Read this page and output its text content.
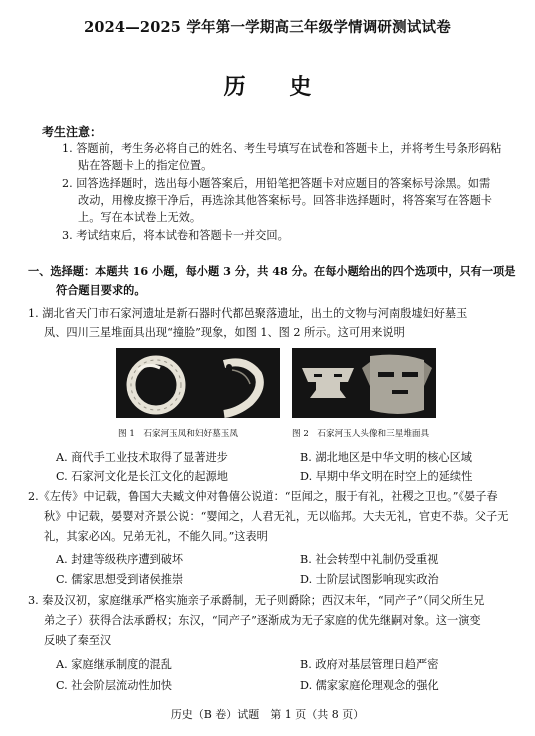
2024—2025 学年第一学期高三年级学情调研测试试卷
历 史
考生注意：
1. 答题前，考生务必将自己的姓名、考生号填写在试卷和答题卡上，并将考生号条形码粘
贴在答题卡上的指定位置。
2. 回答选择题时，选出每小题答案后，用铅笔把答题卡对应题目的答案标号涂黑。如需
改动，用橡皮擦干净后，再选涂其他答案标号。回答非选择题时，将答案写在答题卡
上。写在本试卷上无效。
3. 考试结束后，将本试卷和答题卡一并交回。
一、选择题：本题共 16 小题，每小题 3 分，共 48 分。在每小题给出的四个选项中，只有一项是
符合题目要求的。
1. 湖北省天门市石家河遗址是新石器时代都邑聚落遗址，出土的文物与河南殷墟妇好墓玉
凤、四川三星堆面具出现“撞脸”现象，如图 1、图 2 所示。这可用来说明
图 1　石家河玉凤和妇好墓玉凤	图 2　石家河玉人头像和三星堆面具
A. 商代手工业技术取得了显著进步	B. 湖北地区是中华文明的核心区域
C. 石家河文化是长江文化的起源地	D. 早期中华文明在时空上的延续性
2.《左传》中记载，鲁国大夫臧文仲对鲁僖公说道：“臣闻之，服于有礼，社稷之卫也。”《晏子春
秋》中记载，晏婴对齐景公说：“婴闻之，人君无礼，无以临邦。大夫无礼，官吏不恭。父子无
礼，其家必凶。兄弟无礼，不能久同。”这表明
A. 封建等级秩序遭到破坏	B. 社会转型中礼制仍受重视
C. 儒家思想受到诸侯推崇	D. 士阶层试图影响现实政治
3. 秦及汉初，家庭继承严格实施亲子承爵制，无子则爵除；西汉末年，“同产子”（同父所生兄
弟之子）获得合法承爵权；东汉，“同产子”逐渐成为无子家庭的优先继嗣对象。这一演变
反映了秦至汉
A. 家庭继承制度的混乱	B. 政府对基层管理日趋严密
C. 社会阶层流动性加快	D. 儒家家庭伦理观念的强化
历史（B 卷）试题　第 1 页（共 8 页）
